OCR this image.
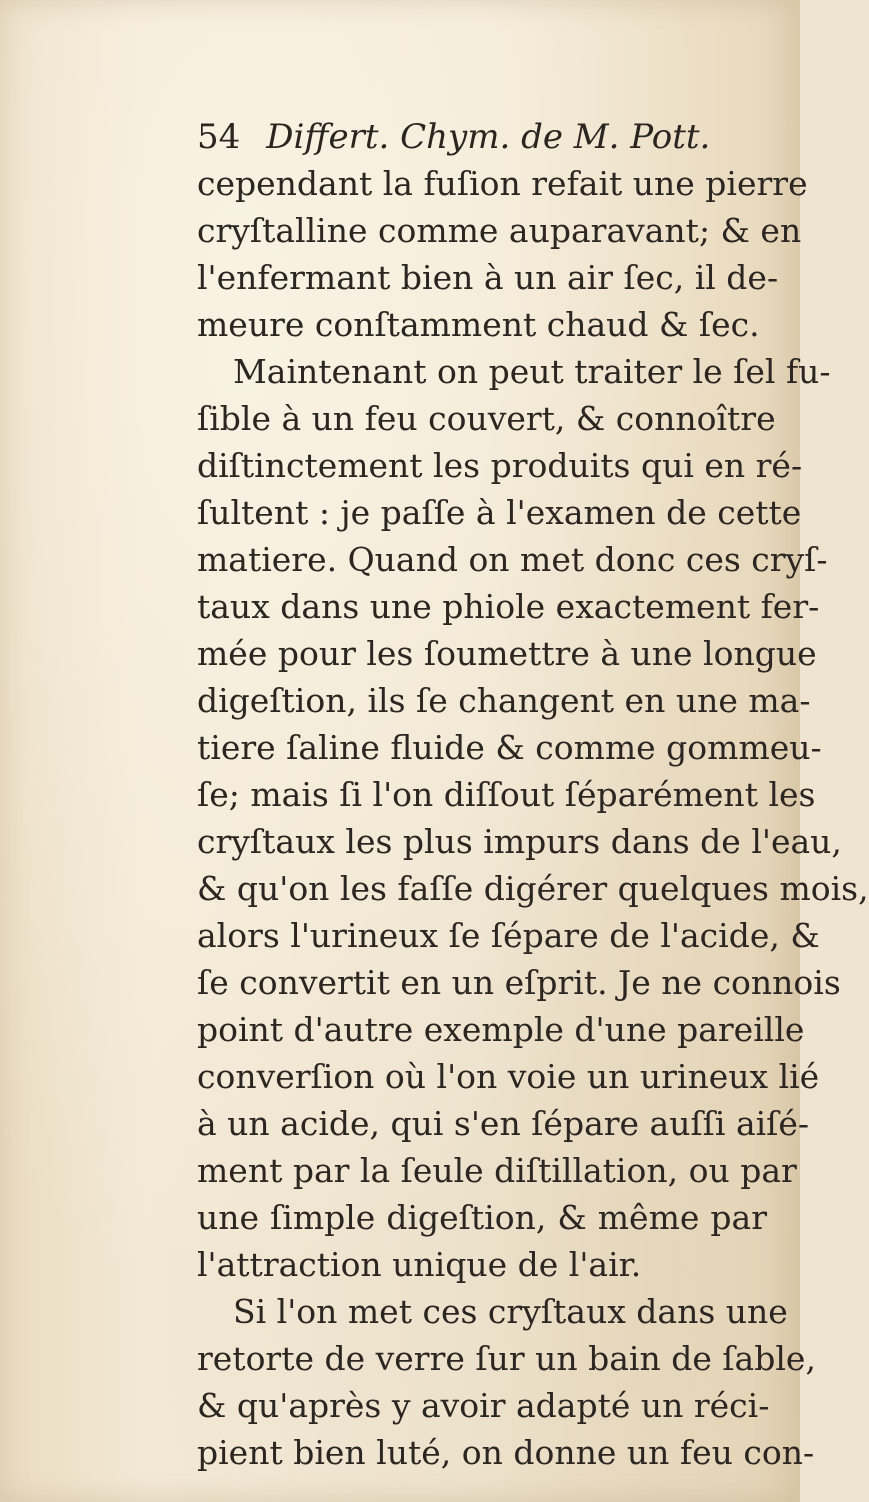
54 Differt. Chym. de M. Pott.
cependant la fuſion refait une pierre
cryſtalline comme auparavant; & en
l'enfermant bien à un air ſec, il de-
meure conſtamment chaud & ſec.
Maintenant on peut traiter le ſel fu-
ſible à un feu couvert, & connoître
diſtinctement les produits qui en ré-
ſultent : je paſſe à l'examen de cette
matiere. Quand on met donc ces cryſ-
taux dans une phiole exactement fer-
mée pour les ſoumettre à une longue
digeſtion, ils ſe changent en une ma-
tiere ſaline fluide & comme gommeu-
ſe; mais ſi l'on diſſout ſéparément les
cryſtaux les plus impurs dans de l'eau,
& qu'on les faſſe digérer quelques mois,
alors l'urineux ſe ſépare de l'acide, &
ſe convertit en un eſprit. Je ne connois
point d'autre exemple d'une pareille
converſion où l'on voie un urineux lié
à un acide, qui s'en ſépare auſſi aiſé-
ment par la ſeule diſtillation, ou par
une ſimple digeſtion, & même par
l'attraction unique de l'air.
Si l'on met ces cryſtaux dans une
retorte de verre ſur un bain de ſable,
& qu'après y avoir adapté un réci-
pient bien luté, on donne un feu con-
